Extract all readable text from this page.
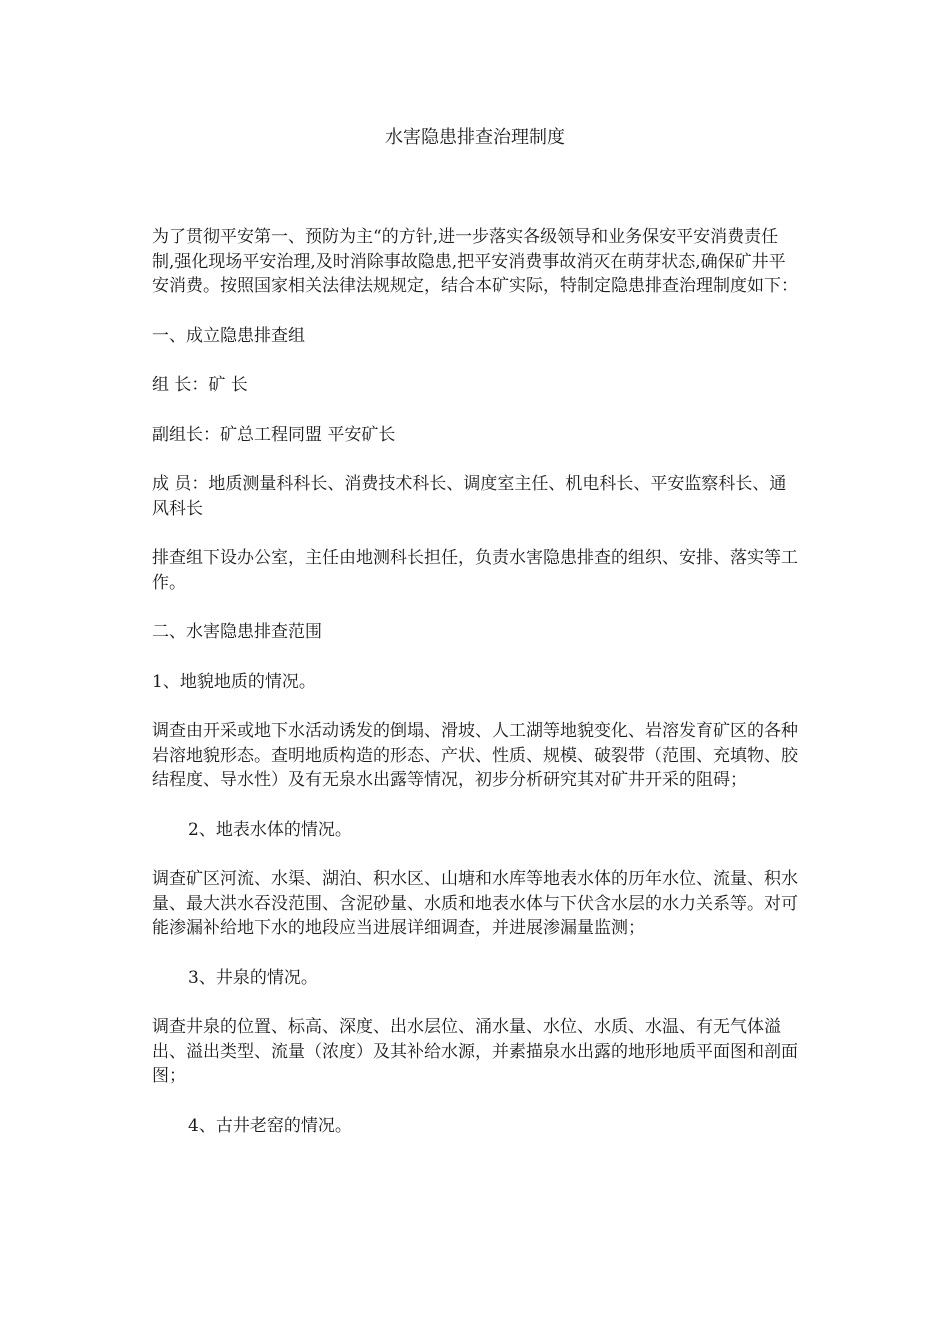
水害隐患排查治理制度

为了贯彻平安第一、预防为主“的方针,进一步落实各级领导和业务保安平安消费责任制,强化现场平安治理,及时消除事故隐患,把平安消费事故消灭在萌芽状态,确保矿井平安消费。按照国家相关法律法规规定，结合本矿实际，特制定隐患排查治理制度如下：

一、成立隐患排查组

组 长：矿 长

副组长：矿总工程同盟 平安矿长

成 员：地质测量科科长、消费技术科长、调度室主任、机电科长、平安监察科长、通风科长

排查组下设办公室，主任由地测科长担任，负责水害隐患排查的组织、安排、落实等工作。

二、水害隐患排查范围

1、地貌地质的情况。

调查由开采或地下水活动诱发的倒塌、滑坡、人工湖等地貌变化、岩溶发育矿区的各种岩溶地貌形态。查明地质构造的形态、产状、性质、规模、破裂带（范围、充填物、胶结程度、导水性）及有无泉水出露等情况，初步分析研究其对矿井开采的阻碍；

2、地表水体的情况。

调查矿区河流、水渠、湖泊、积水区、山塘和水库等地表水体的历年水位、流量、积水量、最大洪水吞没范围、含泥砂量、水质和地表水体与下伏含水层的水力关系等。对可能渗漏补给地下水的地段应当进展详细调查，并进展渗漏量监测；

3、井泉的情况。

调查井泉的位置、标高、深度、出水层位、涌水量、水位、水质、水温、有无气体溢出、溢出类型、流量（浓度）及其补给水源，并素描泉水出露的地形地质平面图和剖面图；

4、古井老窑的情况。
